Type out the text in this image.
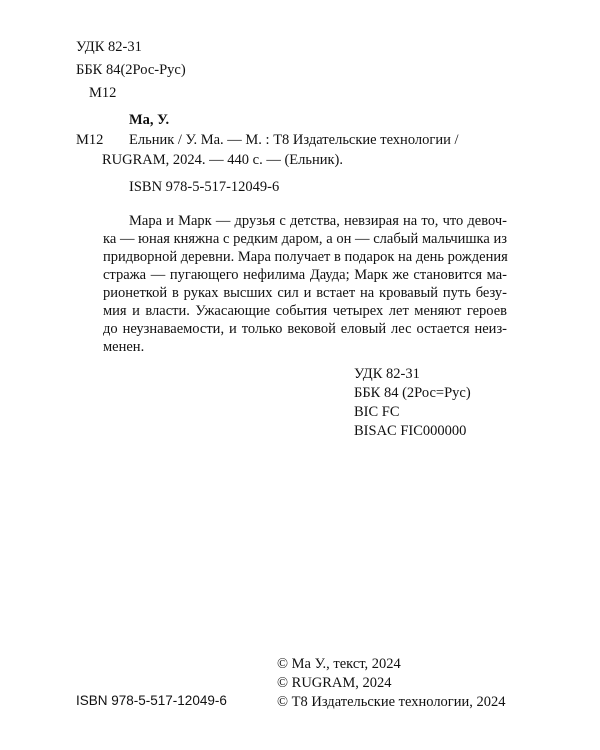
УДК 82-31
ББК 84(2Рос-Рус)
М12
Ма, У.
М12 Ельник / У. Ма. — М. : Т8 Издательские технологии /
RUGRAM, 2024. — 440 с. — (Ельник).
ISBN 978-5-517-12049-6
Мара и Марк — друзья с детства, невзирая на то, что девоч-
ка — юная княжна с редким даром, а он — слабый мальчишка из
придворной деревни. Мара получает в подарок на день рождения
стража — пугающего нефилима Дауда; Марк же становится ма-
рионеткой в руках высших сил и встает на кровавый путь безу-
мия и власти. Ужасающие события четырех лет меняют героев
до неузнаваемости, и только вековой еловый лес остается неиз-
менен.
УДК 82-31
ББК 84 (2Рос=Рус)
BIC FC
BISAC FIC000000
ISBN 978-5-517-12049-6
© Ма У., текст, 2024
© RUGRAM, 2024
© Т8 Издательские технологии, 2024
